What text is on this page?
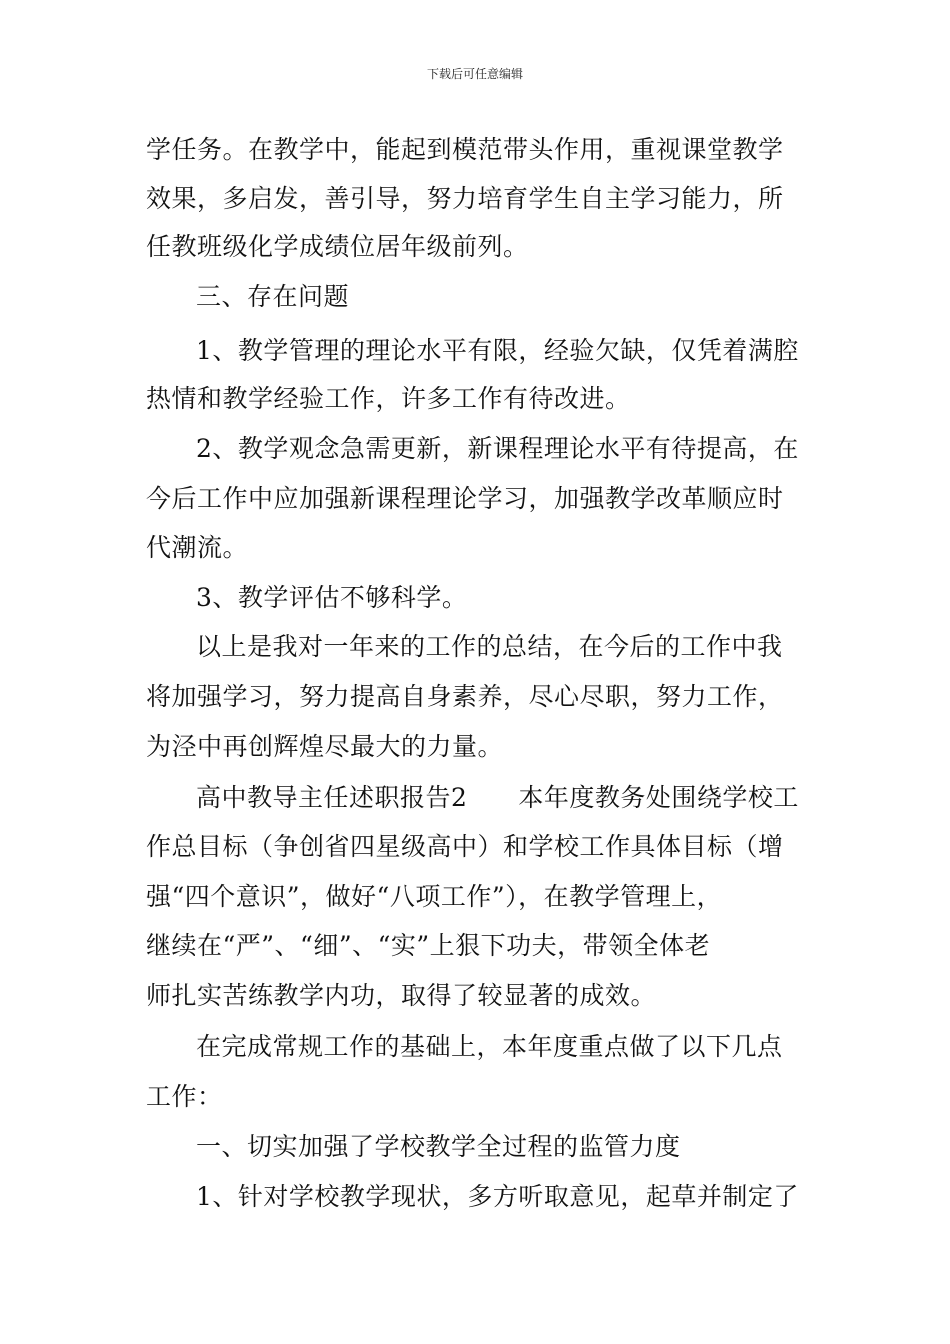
下载后可任意编辑
学任务。在教学中，能起到模范带头作用，重视课堂教学
效果，多启发，善引导，努力培育学生自主学习能力，所
任教班级化学成绩位居年级前列。
三、存在问题
1、教学管理的理论水平有限，经验欠缺，仅凭着满腔
热情和教学经验工作，许多工作有待改进。
2、教学观念急需更新，新课程理论水平有待提高，在
今后工作中应加强新课程理论学习，加强教学改革顺应时
代潮流。
3、教学评估不够科学。
以上是我对一年来的工作的总结，在今后的工作中我
将加强学习，努力提高自身素养，尽心尽职，努力工作，
为泾中再创辉煌尽最大的力量。
高中教导主任述职报告2　　本年度教务处围绕学校工
作总目标（争创省四星级高中）和学校工作具体目标（增
强“四个意识”，做好“八项工作”），在教学管理上，
继续在“严”、“细”、“实”上狠下功夫，带领全体老
师扎实苦练教学内功，取得了较显著的成效。
在完成常规工作的基础上，本年度重点做了以下几点
工作：
一、切实加强了学校教学全过程的监管力度
1、针对学校教学现状，多方听取意见，起草并制定了
